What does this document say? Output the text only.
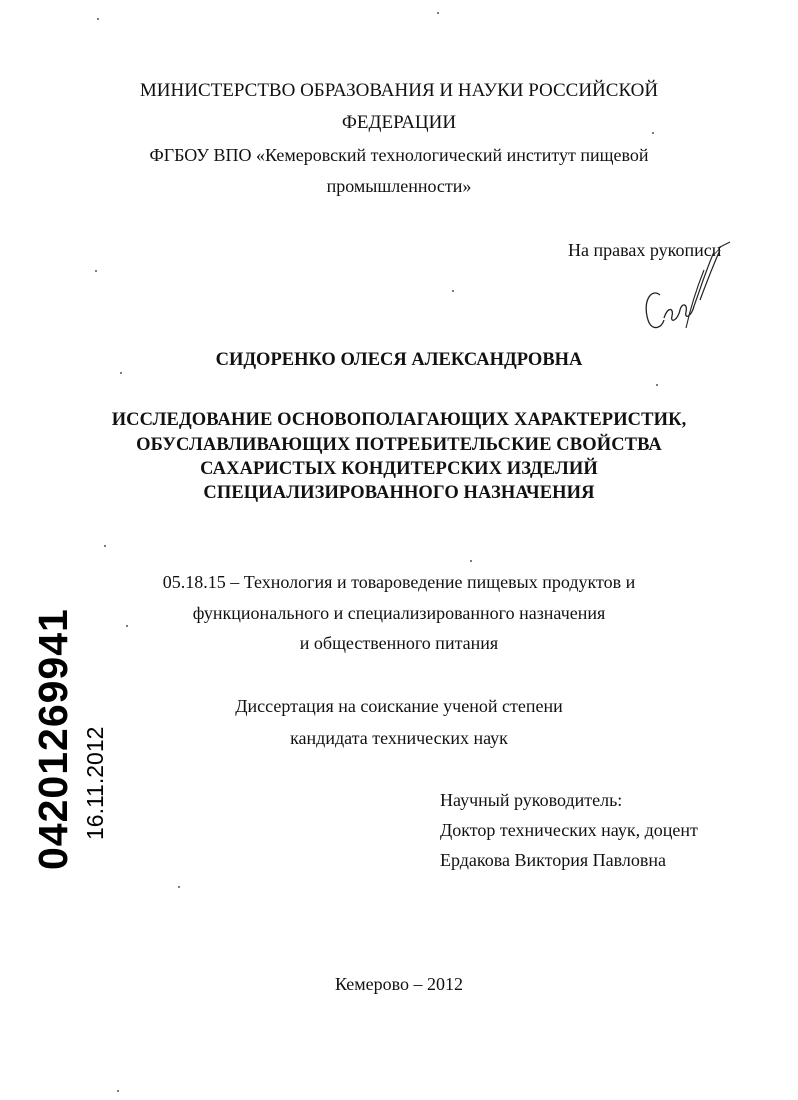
МИНИСТЕРСТВО ОБРАЗОВАНИЯ И НАУКИ РОССИЙСКОЙ
ФЕДЕРАЦИИ
ФГБОУ ВПО «Кемеровский технологический институт пищевой
промышленности»
На правах рукописи
СИДОРЕНКО ОЛЕСЯ АЛЕКСАНДРОВНА
ИССЛЕДОВАНИЕ ОСНОВОПОЛАГАЮЩИХ ХАРАКТЕРИСТИК,
ОБУСЛАВЛИВАЮЩИХ ПОТРЕБИТЕЛЬСКИЕ СВОЙСТВА
САХАРИСТЫХ КОНДИТЕРСКИХ ИЗДЕЛИЙ
СПЕЦИАЛИЗИРОВАННОГО НАЗНАЧЕНИЯ
05.18.15 – Технология и товароведение пищевых продуктов и
функционального и специализированного назначения
и общественного питания
Диссертация на соискание ученой степени
кандидата технических наук
Научный руководитель:
Доктор технических наук, доцент
Ердакова Виктория Павловна
Кемерово – 2012
04201269941 16.11.2012
